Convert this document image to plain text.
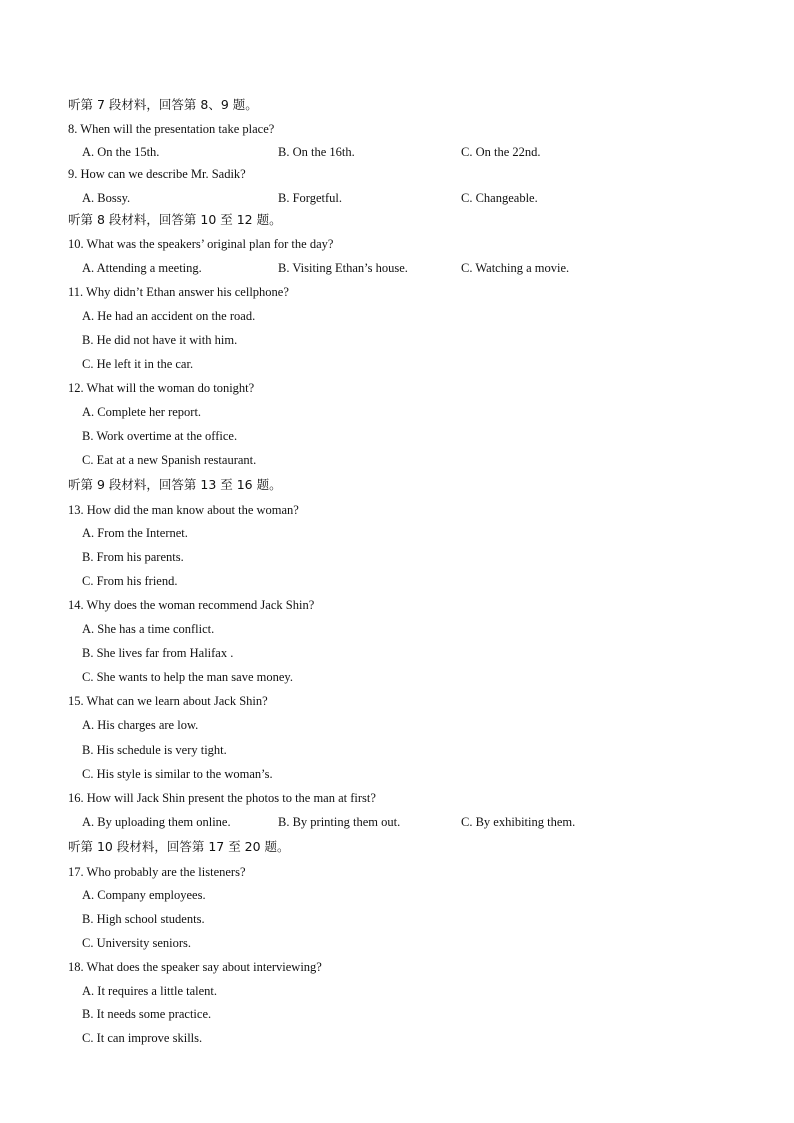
听第 7 段材料，回答第 8、9 题。
8. When will the presentation take place?
A. On the 15th.	B. On the 16th.	C. On the 22nd.
9. How can we describe Mr. Sadik?
A. Bossy.	B. Forgetful.	C. Changeable.
听第 8 段材料，回答第 10 至 12 题。
10. What was the speakers’ original plan for the day?
A. Attending a meeting.	B. Visiting Ethan’s house.	C. Watching a movie.
11. Why didn’t Ethan answer his cellphone?
A. He had an accident on the road.
B. He did not have it with him.
C. He left it in the car.
12. What will the woman do tonight?
A. Complete her report.
B. Work overtime at the office.
C. Eat at a new Spanish restaurant.
听第 9 段材料，回答第 13 至 16 题。
13. How did the man know about the woman?
A. From the Internet.
B. From his parents.
C. From his friend.
14. Why does the woman recommend Jack Shin?
A. She has a time conflict.
B. She lives far from Halifax .
C. She wants to help the man save money.
15. What can we learn about Jack Shin?
A. His charges are low.
B. His schedule is very tight.
C. His style is similar to the woman’s.
16. How will Jack Shin present the photos to the man at first?
A. By uploading them online.	B. By printing them out.	C. By exhibiting them.
听第 10 段材料，回答第 17 至 20 题。
17. Who probably are the listeners?
A. Company employees.
B. High school students.
C. University seniors.
18. What does the speaker say about interviewing?
A. It requires a little talent.
B. It needs some practice.
C. It can improve skills.
